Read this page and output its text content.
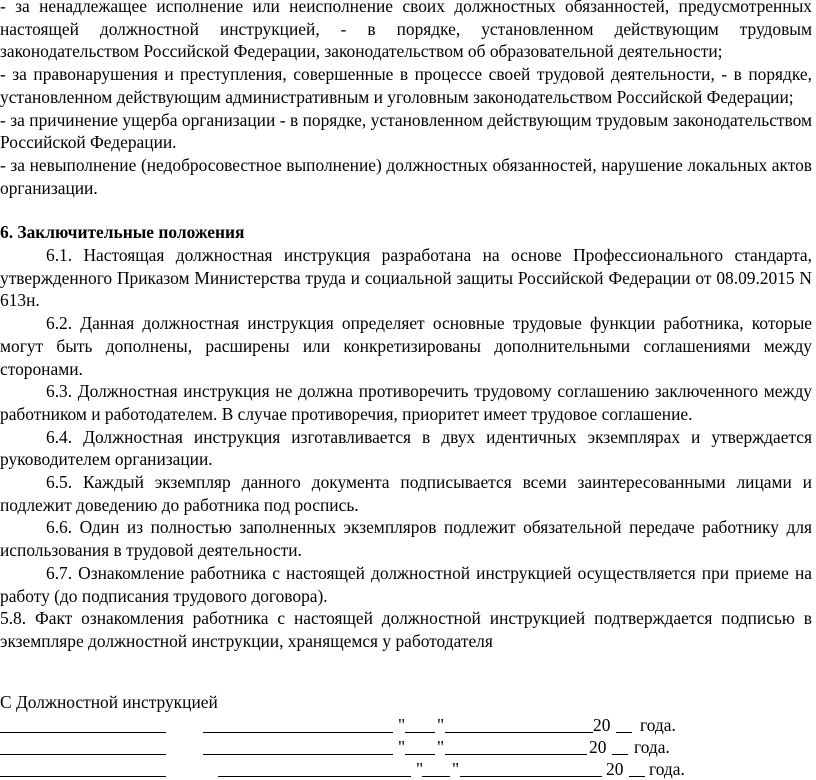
- за ненадлежащее исполнение или неисполнение своих должностных обязанностей, предусмотренных настоящей должностной инструкцией, - в порядке, установленном действующим трудовым законодательством Российской Федерации, законодательством об образовательной деятельности;

- за правонарушения и преступления, совершенные в процессе своей трудовой деятельности, - в порядке, установленном действующим административным и уголовным законодательством Российской Федерации;

- за причинение ущерба организации - в порядке, установленном действующим трудовым законодательством Российской Федерации.

- за невыполнение (недобросовестное выполнение) должностных обязанностей, нарушение локальных актов организации.

6. Заключительные положения

6.1. Настоящая должностная инструкция разработана на основе Профессионального стандарта, утвержденного Приказом Министерства труда и социальной защиты Российской Федерации от 08.09.2015 N 613н.

6.2. Данная должностная инструкция определяет основные трудовые функции работника, которые могут быть дополнены, расширены или конкретизированы дополнительными соглашениями между сторонами.

6.3. Должностная инструкция не должна противоречить трудовому соглашению заключенного между работником и работодателем. В случае противоречия, приоритет имеет трудовое соглашение.

6.4. Должностная инструкция изготавливается в двух идентичных экземплярах и утверждается руководителем организации.

6.5. Каждый экземпляр данного документа подписывается всеми заинтересованными лицами и подлежит доведению до работника под роспись.

6.6. Один из полностью заполненных экземпляров подлежит обязательной передаче работнику для использования в трудовой деятельности.

6.7. Ознакомление работника с настоящей должностной инструкцией осуществляется при приеме на работу (до подписания трудового договора).

5.8. Факт ознакомления работника с настоящей должностной инструкцией подтверждается подписью в экземпляре должностной инструкции, хранящемся у работодателя

С Должностной инструкцией

" "	20 года.
" "	20 года.
" "	20 года.
